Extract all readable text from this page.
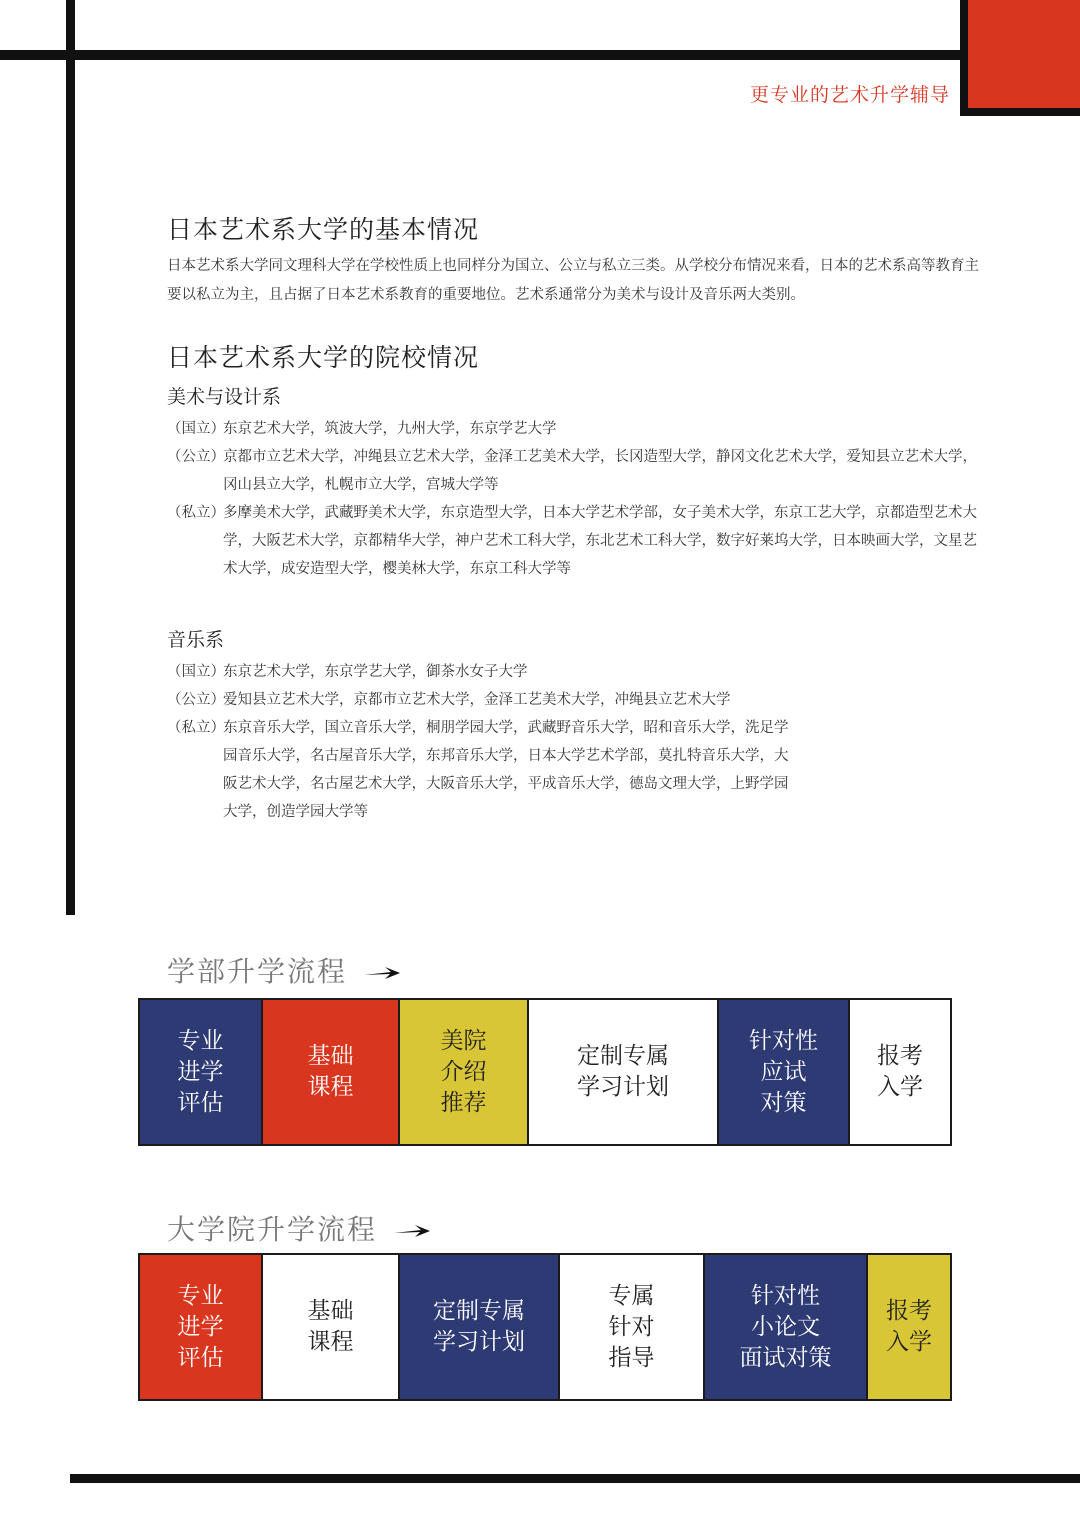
更专业的艺术升学辅导
日本艺术系大学的基本情况
日本艺术系大学同文理科大学在学校性质上也同样分为国立、公立与私立三类。从学校分布情况来看，日本的艺术系高等教育主要以私立为主，且占据了日本艺术系教育的重要地位。艺术系通常分为美术与设计及音乐两大类别。
日本艺术系大学的院校情况
美术与设计系
（国立）
东京艺术大学，筑波大学，九州大学，东京学艺大学
（公立）
京都市立艺术大学，冲绳县立艺术大学，金泽工艺美术大学，长冈造型大学，静冈文化艺术大学，爱知县立艺术大学，冈山县立大学，札幌市立大学，宫城大学等
（私立）
多摩美术大学，武藏野美术大学，东京造型大学，日本大学艺术学部，女子美术大学，东京工艺大学，京都造型艺术大学，大阪艺术大学，京都精华大学，神户艺术工科大学，东北艺术工科大学，数字好莱坞大学，日本映画大学，文星艺术大学，成安造型大学，樱美林大学，东京工科大学等
音乐系
（国立）
东京艺术大学，东京学艺大学，御茶水女子大学
（公立）
爱知县立艺术大学，京都市立艺术大学，金泽工艺美术大学，冲绳县立艺术大学
（私立）
东京音乐大学，国立音乐大学，桐朋学园大学，武藏野音乐大学，昭和音乐大学，洗足学园音乐大学，名古屋音乐大学，东邦音乐大学，日本大学艺术学部，莫扎特音乐大学，大阪艺术大学，名古屋艺术大学，大阪音乐大学，平成音乐大学，德岛文理大学，上野学园大学，创造学园大学等
学部升学流程
专业
进学
评估
基础
课程
美院
介绍
推荐
定制专属
学习计划
针对性
应试
对策
报考
入学
大学院升学流程
专业
进学
评估
基础
课程
定制专属
学习计划
专属
针对
指导
针对性
小论文
面试对策
报考
入学
